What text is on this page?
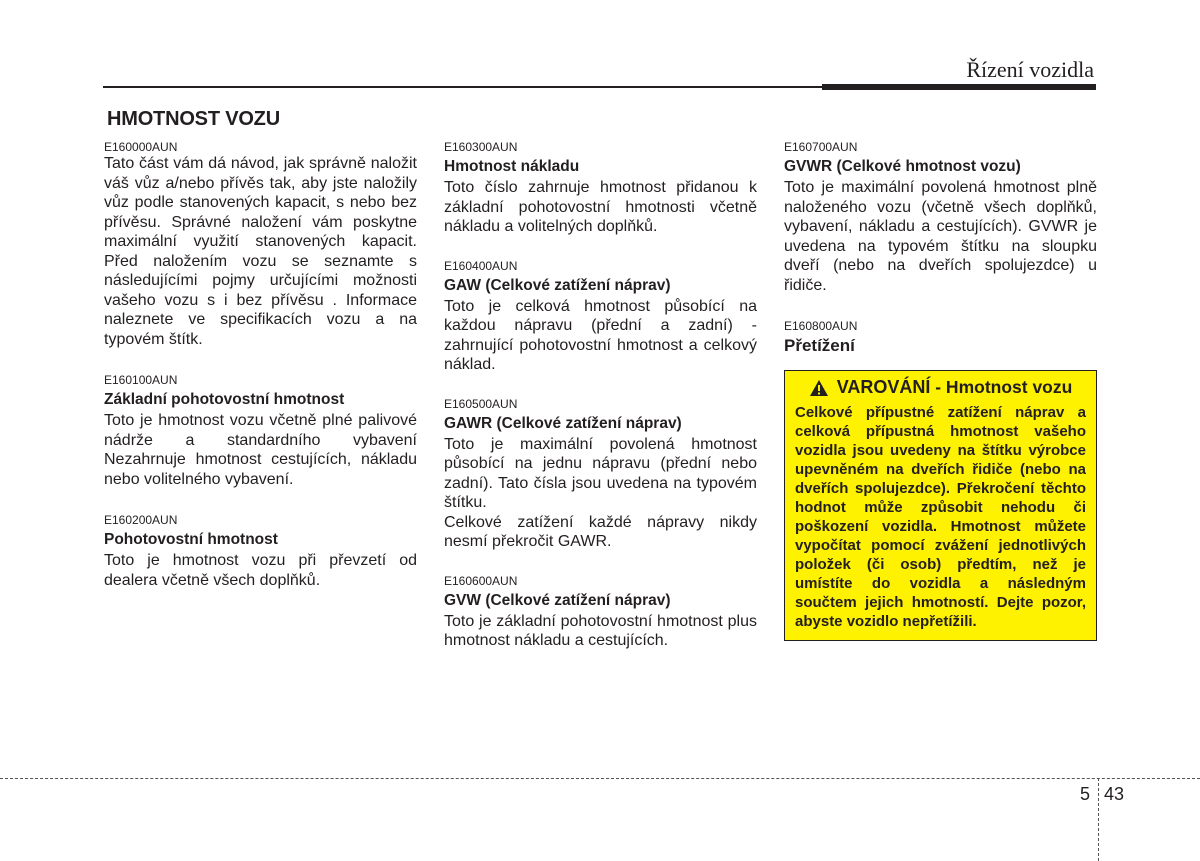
Řízení vozidla
HMOTNOST VOZU

E160000AUN

Tato část vám dá návod, jak správně naložit váš vůz a/nebo přívěs tak, aby jste naložily vůz podle stanovených kapacit, s nebo bez přívěsu. Správné naložení vám poskytne maximální využití stanovených kapacit. Před naložením vozu se seznamte s následujícími pojmy určujícími možnosti vašeho vozu s i bez přívěsu . Informace naleznete ve specifikacích vozu a na typovém štítk.

E160100AUN

Základní pohotovostní hmotnost

Toto je hmotnost vozu včetně plné palivové nádrže a standardního vybavení Nezahrnuje hmotnost cestujících, nákladu nebo volitelného vybavení.

E160200AUN

Pohotovostní hmotnost

Toto je hmotnost vozu při převzetí od dealera včetně všech doplňků.

E160300AUN

Hmotnost nákladu

Toto číslo zahrnuje hmotnost přidanou k základní pohotovostní hmotnosti včetně nákladu a volitelných doplňků.

E160400AUN

GAW (Celkové zatížení náprav)

Toto je celková hmotnost působící na každou nápravu (přední a zadní) - zahrnující pohotovostní hmotnost a celkový náklad.

E160500AUN

GAWR (Celkové zatížení náprav)

Toto je maximální povolená hmotnost působící na jednu nápravu (přední nebo zadní). Tato čísla jsou uvedena na typovém štítku.

Celkové zatížení každé nápravy nikdy nesmí překročit GAWR.

E160600AUN

GVW (Celkové zatížení náprav)

Toto je základní pohotovostní hmotnost plus hmotnost nákladu a cestujících.

E160700AUN

GVWR (Celkové hmotnost vozu)

Toto je maximální povolená hmotnost plně naloženého vozu (včetně všech doplňků, vybavení, nákladu a cestujících). GVWR je uvedena na typovém štítku na sloupku dveří (nebo na dveřích spolujezdce) u řidiče.

E160800AUN

Přetížení

VAROVÁNÍ - Hmotnost vozu

Celkové přípustné zatížení náprav a celková přípustná hmotnost vašeho vozidla jsou uvedeny na štítku výrobce upevněném na dveřích řidiče (nebo na dveřích spolujezdce). Překročení těchto hodnot může způsobit nehodu či poškození vozidla. Hmotnost můžete vypočítat pomocí zvážení jednotlivých položek (či osob) předtím, než je umístíte do vozidla a následným součtem jejich hmotností. Dejte pozor, abyste vozidlo nepřetížili.

5 43
